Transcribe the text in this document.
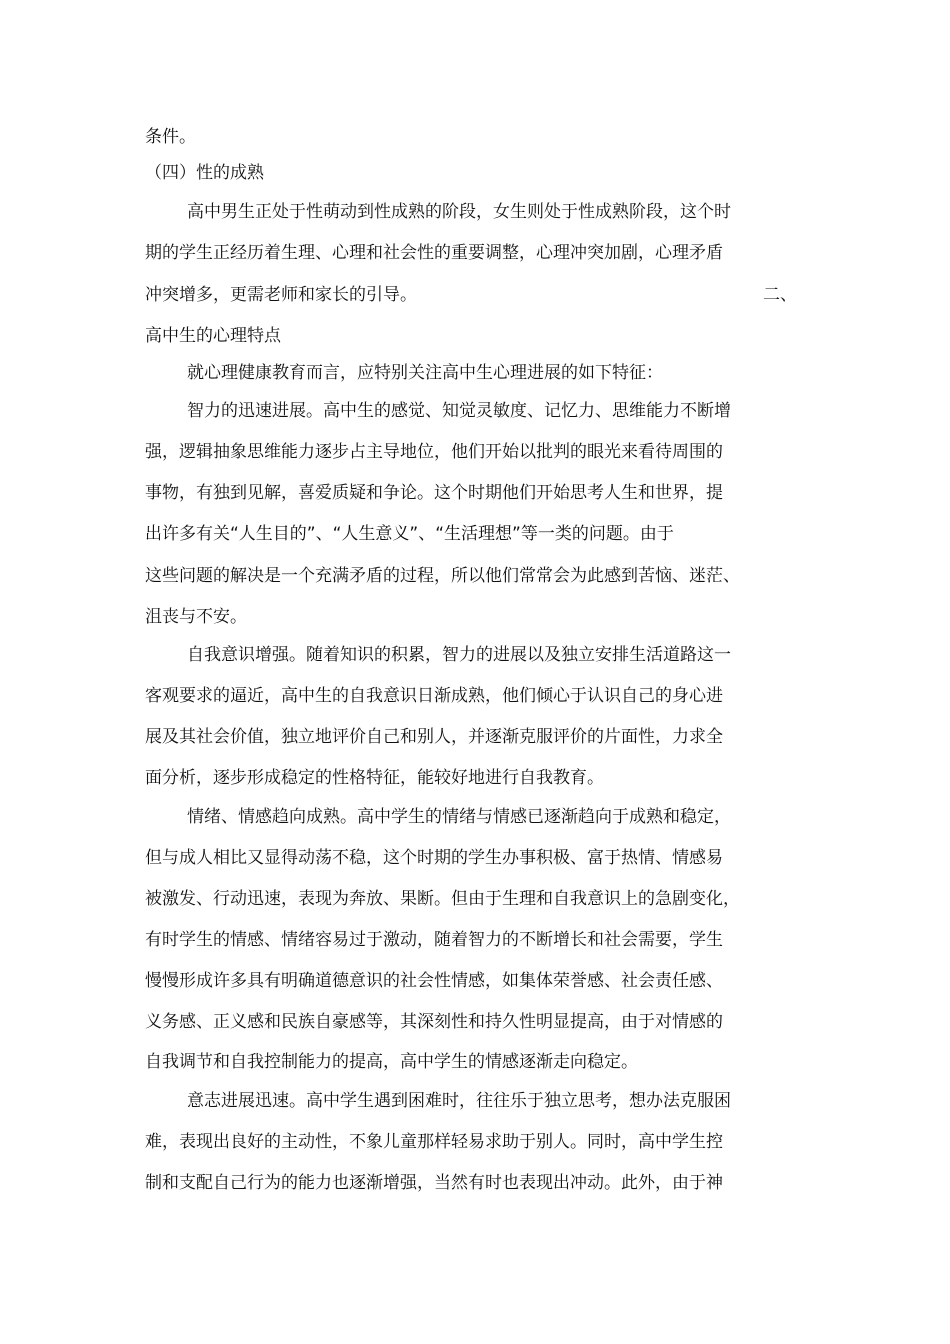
条件。

（四）性的成熟

高中男生正处于性萌动到性成熟的阶段，女生则处于性成熟阶段，这个时

期的学生正经历着生理、心理和社会性的重要调整，心理冲突加剧，心理矛盾

冲突增多，更需老师和家长的引导。	二、

高中生的心理特点

就心理健康教育而言，应特别关注高中生心理进展的如下特征：

智力的迅速进展。高中生的感觉、知觉灵敏度、记忆力、思维能力不断增

强，逻辑抽象思维能力逐步占主导地位，他们开始以批判的眼光来看待周围的

事物，有独到见解，喜爱质疑和争论。这个时期他们开始思考人生和世界，提

出许多有关“人生目的”、“人生意义”、“生活理想”等一类的问题。由于

这些问题的解决是一个充满矛盾的过程，所以他们常常会为此感到苦恼、迷茫、

沮丧与不安。

自我意识增强。随着知识的积累，智力的进展以及独立安排生活道路这一

客观要求的逼近，高中生的自我意识日渐成熟，他们倾心于认识自己的身心进

展及其社会价值，独立地评价自己和别人，并逐渐克服评价的片面性，力求全

面分析，逐步形成稳定的性格特征，能较好地进行自我教育。

情绪、情感趋向成熟。高中学生的情绪与情感已逐渐趋向于成熟和稳定，

但与成人相比又显得动荡不稳，这个时期的学生办事积极、富于热情、情感易

被激发、行动迅速，表现为奔放、果断。但由于生理和自我意识上的急剧变化，

有时学生的情感、情绪容易过于激动，随着智力的不断增长和社会需要，学生

慢慢形成许多具有明确道德意识的社会性情感，如集体荣誉感、社会责任感、

义务感、正义感和民族自豪感等，其深刻性和持久性明显提高，由于对情感的

自我调节和自我控制能力的提高，高中学生的情感逐渐走向稳定。

意志进展迅速。高中学生遇到困难时，往往乐于独立思考，想办法克服困

难，表现出良好的主动性，不象儿童那样轻易求助于别人。同时，高中学生控

制和支配自己行为的能力也逐渐增强，当然有时也表现出冲动。此外，由于神
